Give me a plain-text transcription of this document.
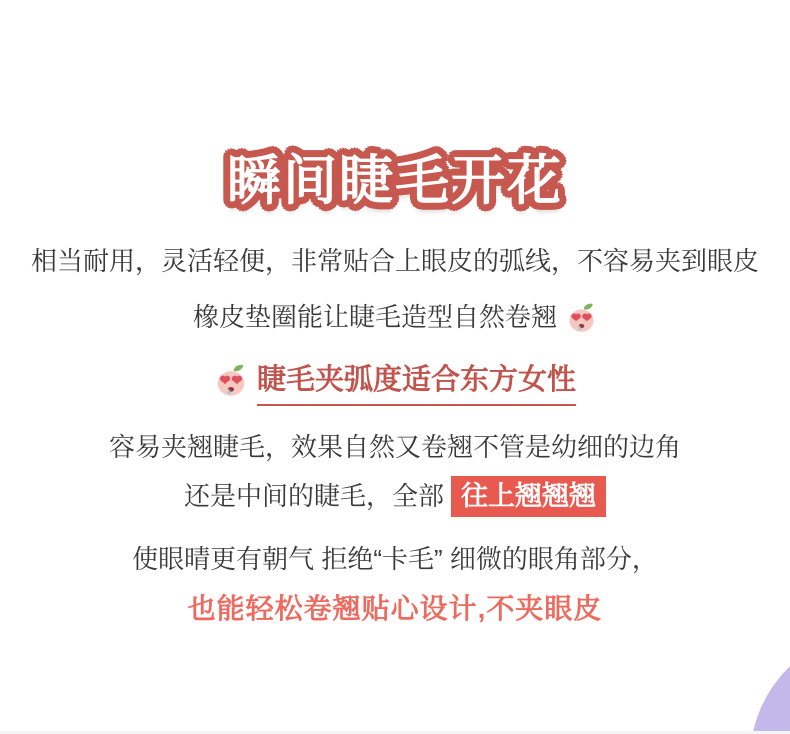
瞬间睫毛开花
相当耐用，灵活轻便，非常贴合上眼皮的弧线，不容易夹到眼皮
橡皮垫圈能让睫毛造型自然卷翘
睫毛夹弧度适合东方女性
容易夹翘睫毛，效果自然又卷翘不管是幼细的边角
还是中间的睫毛，全部 往上翘翘翘
使眼晴更有朝气 拒绝“卡毛” 细微的眼角部分，
也能轻松卷翘贴心设计,不夹眼皮
